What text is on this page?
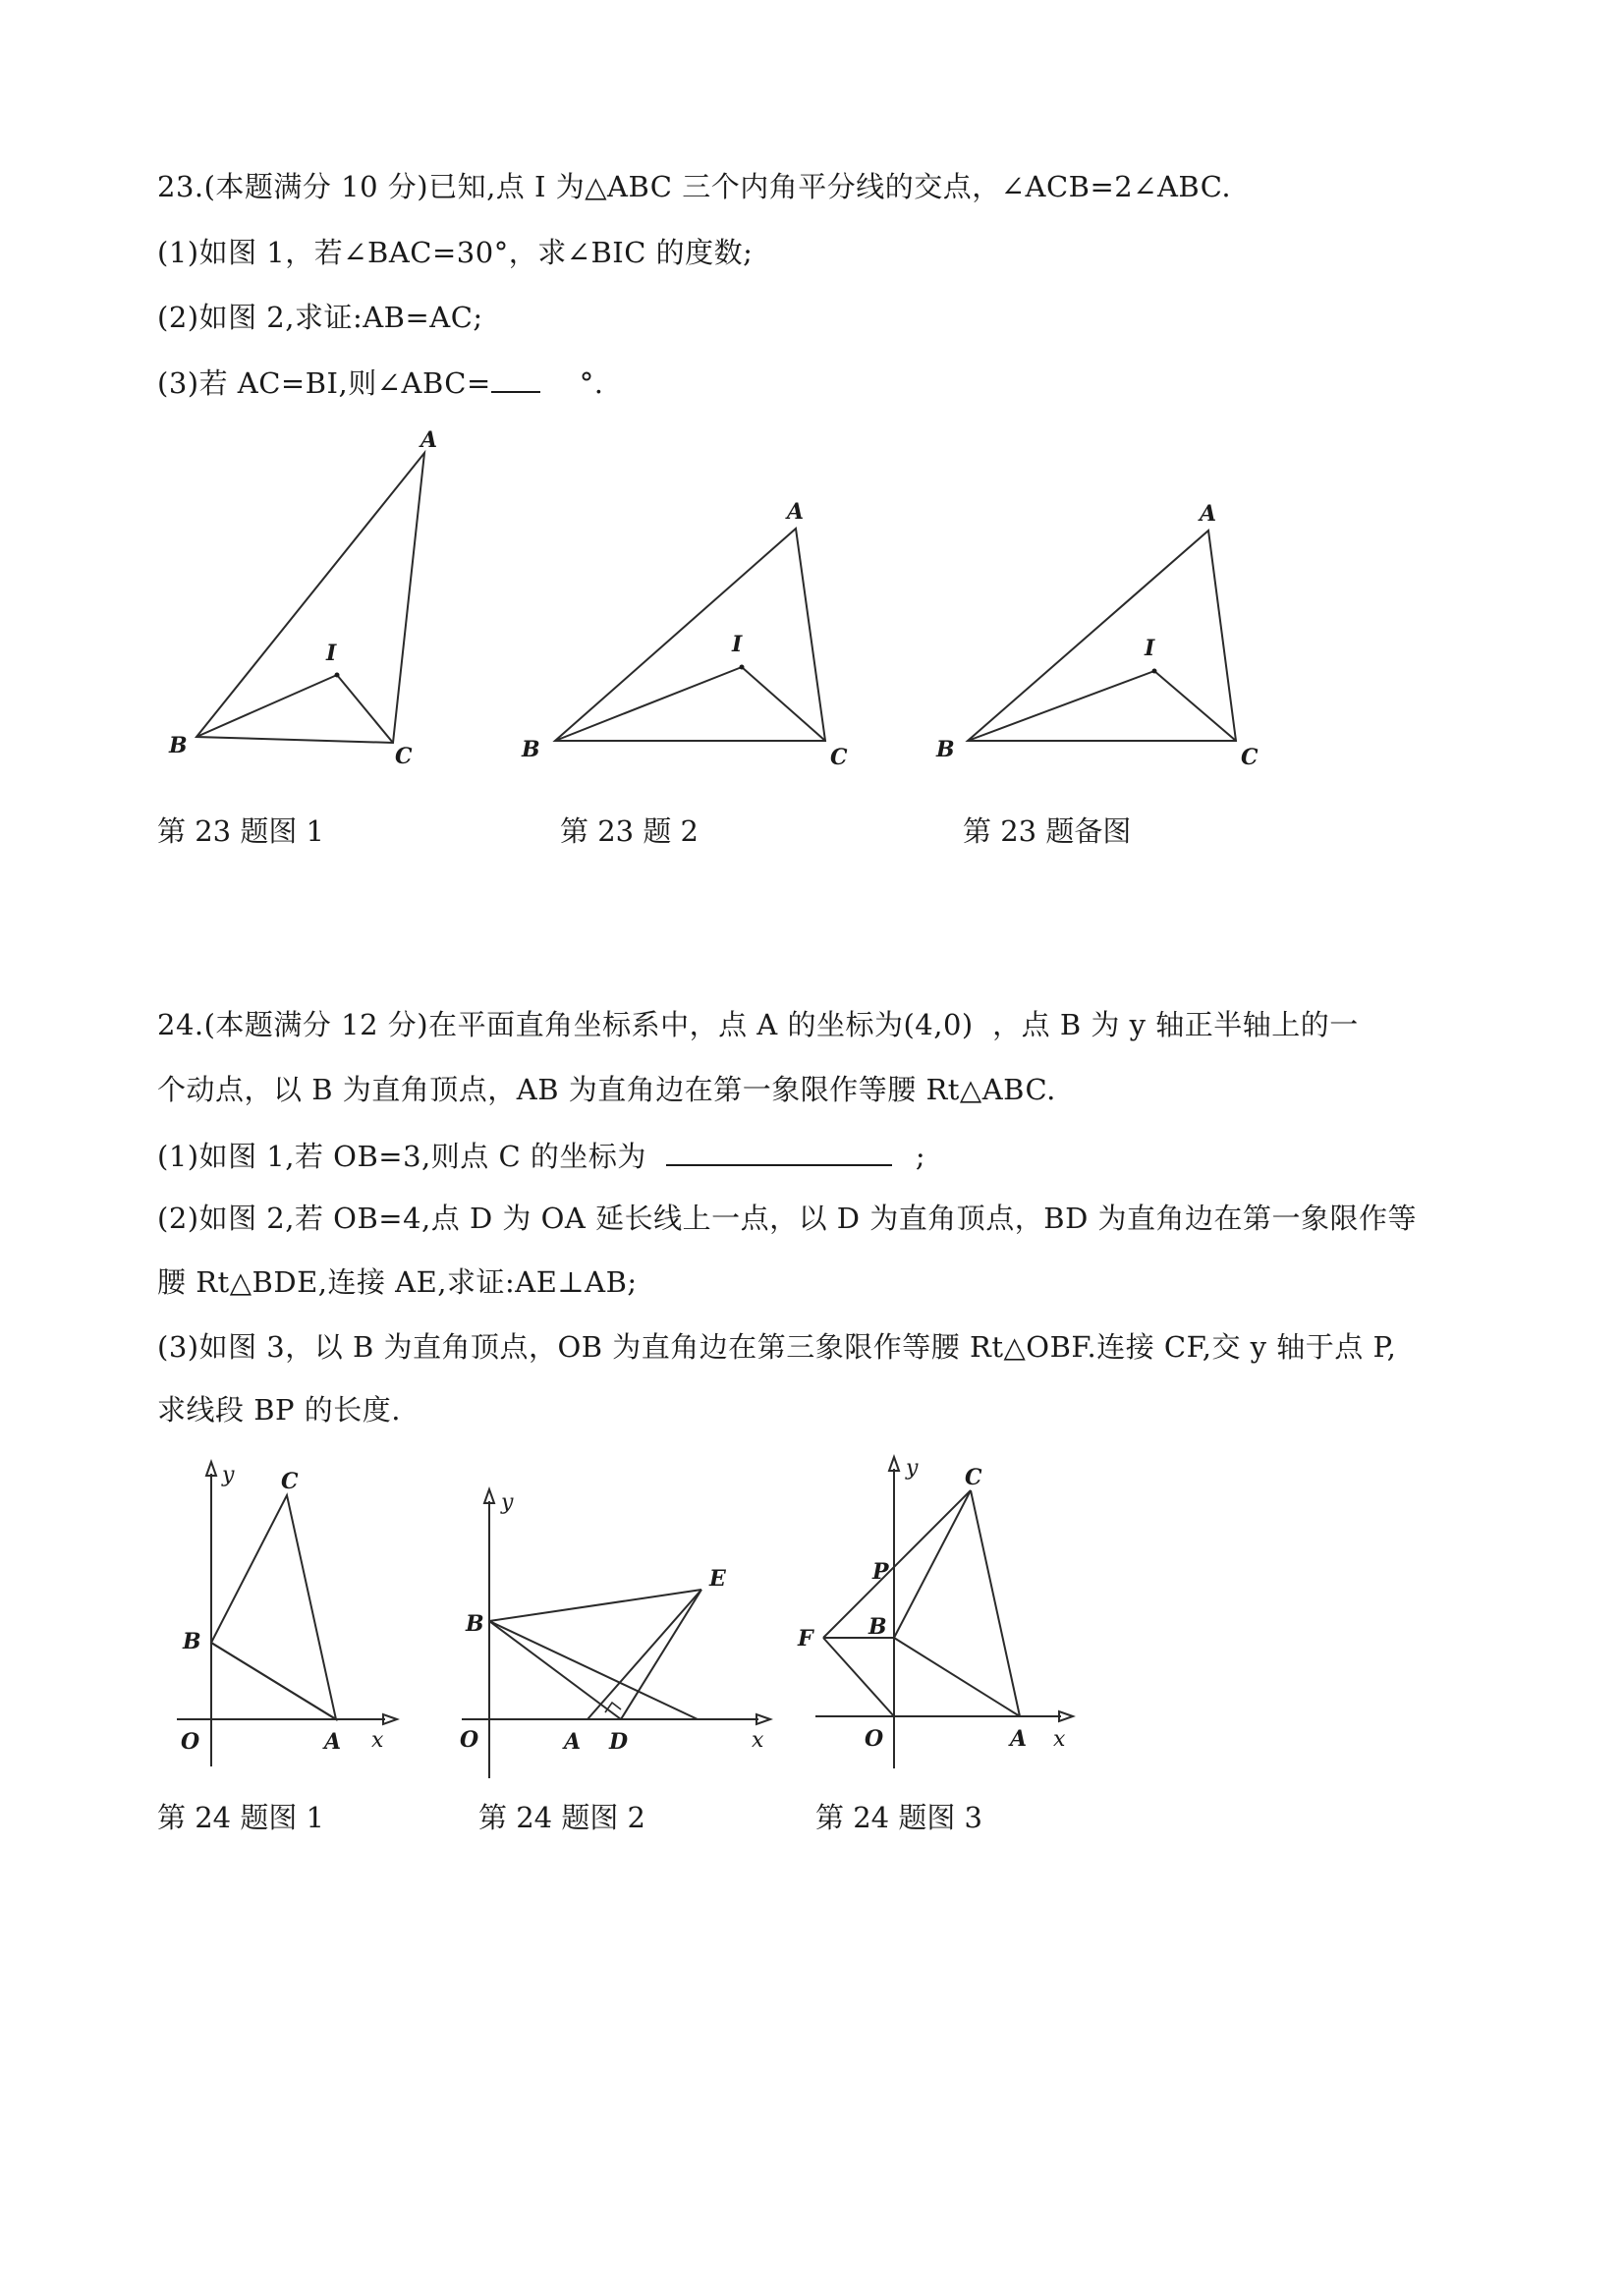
23.(本题满分 10 分)已知,点 I 为△ABC 三个内角平分线的交点，∠ACB=2∠ABC.
(1)如图 1，若∠BAC=30°，求∠BIC 的度数;
(2)如图 2,求证:AB=AC;
(3)若 AC=BI,则∠ABC=	°.
A
B	C
I
A
B	C
I
A
B	C
I
第 23 题图 1	第 23 题 2	第 23 题备图
24.(本题满分 12 分)在平面直角坐标系中，点 A 的坐标为(4,0)  ，点 B 为 y 轴正半轴上的一
个动点，以 B 为直角顶点，AB 为直角边在第一象限作等腰 Rt△ABC.
(1)如图 1,若 OB=3,则点 C 的坐标为	;
(2)如图 2,若 OB=4,点 D 为 OA 延长线上一点，以 D 为直角顶点，BD 为直角边在第一象限作等
腰 Rt△BDE,连接 AE,求证:AE⊥AB;
(3)如图 3，以 B 为直角顶点，OB 为直角边在第三象限作等腰 Rt△OBF.连接 CF,交 y 轴于点 P,
求线段 BP 的长度.
y
x
O	A
B
C
y
x
O	A D
B
E
y
x
O	A
B
C
F
P
第 24 题图 1	第 24 题图 2	第 24 题图 3
